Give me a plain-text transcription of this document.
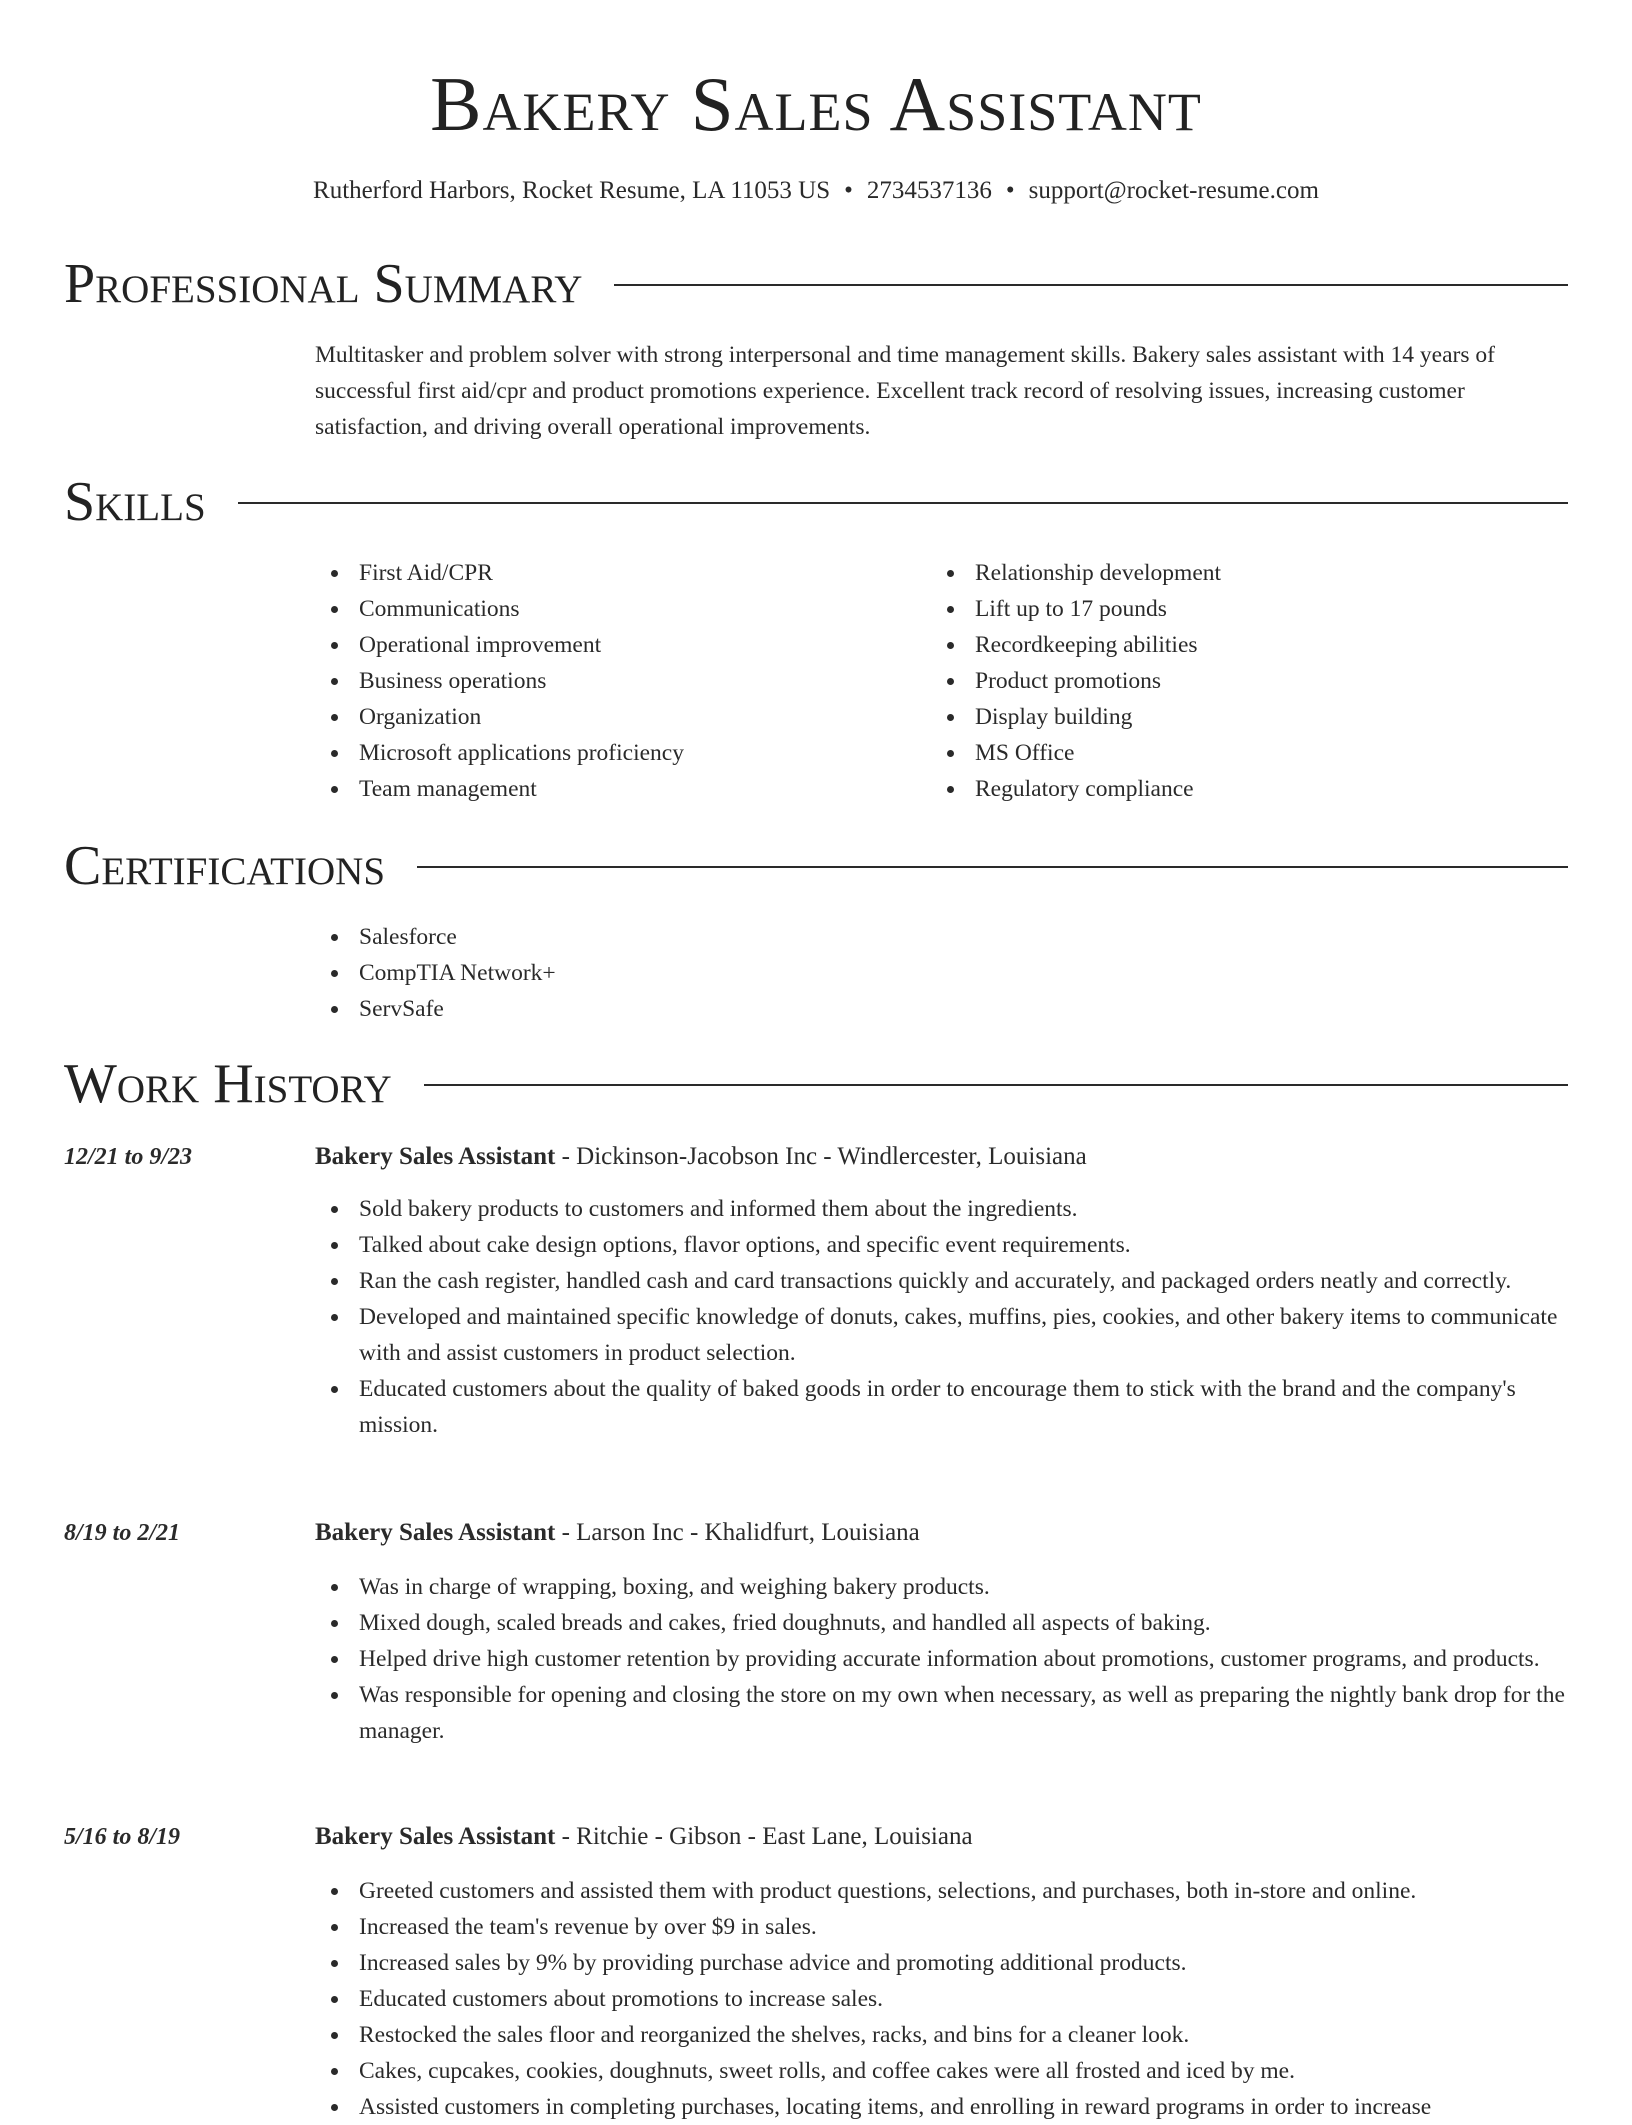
Bakery Sales Assistant
Rutherford Harbors, Rocket Resume, LA 11053 US • 2734537136 • support@rocket-resume.com
Professional Summary

Multitasker and problem solver with strong interpersonal and time management skills. Bakery sales assistant with 14 years of successful first aid/cpr and product promotions experience. Excellent track record of resolving issues, increasing customer satisfaction, and driving overall operational improvements.

Skills
First Aid/CPR
Communications
Operational improvement
Business operations
Organization
Microsoft applications proficiency
Team management
Relationship development
Lift up to 17 pounds
Recordkeeping abilities
Product promotions
Display building
MS Office
Regulatory compliance
Certifications
Salesforce
CompTIA Network+
ServSafe
Work History
12/21 to 9/23	Bakery Sales Assistant - Dickinson-Jacobson Inc - Windlercester, Louisiana
Sold bakery products to customers and informed them about the ingredients.
Talked about cake design options, flavor options, and specific event requirements.
Ran the cash register, handled cash and card transactions quickly and accurately, and packaged orders neatly and correctly.
Developed and maintained specific knowledge of donuts, cakes, muffins, pies, cookies, and other bakery items to communicate with and assist customers in product selection.
Educated customers about the quality of baked goods in order to encourage them to stick with the brand and the company's mission.
8/19 to 2/21	Bakery Sales Assistant - Larson Inc - Khalidfurt, Louisiana
Was in charge of wrapping, boxing, and weighing bakery products.
Mixed dough, scaled breads and cakes, fried doughnuts, and handled all aspects of baking.
Helped drive high customer retention by providing accurate information about promotions, customer programs, and products.
Was responsible for opening and closing the store on my own when necessary, as well as preparing the nightly bank drop for the manager.
5/16 to 8/19	Bakery Sales Assistant - Ritchie - Gibson - East Lane, Louisiana
Greeted customers and assisted them with product questions, selections, and purchases, both in-store and online.
Increased the team's revenue by over $9 in sales.
Increased sales by 9% by providing purchase advice and promoting additional products.
Educated customers about promotions to increase sales.
Restocked the sales floor and reorganized the shelves, racks, and bins for a cleaner look.
Cakes, cupcakes, cookies, doughnuts, sweet rolls, and coffee cakes were all frosted and iced by me.
Assisted customers in completing purchases, locating items, and enrolling in reward programs in order to increase
